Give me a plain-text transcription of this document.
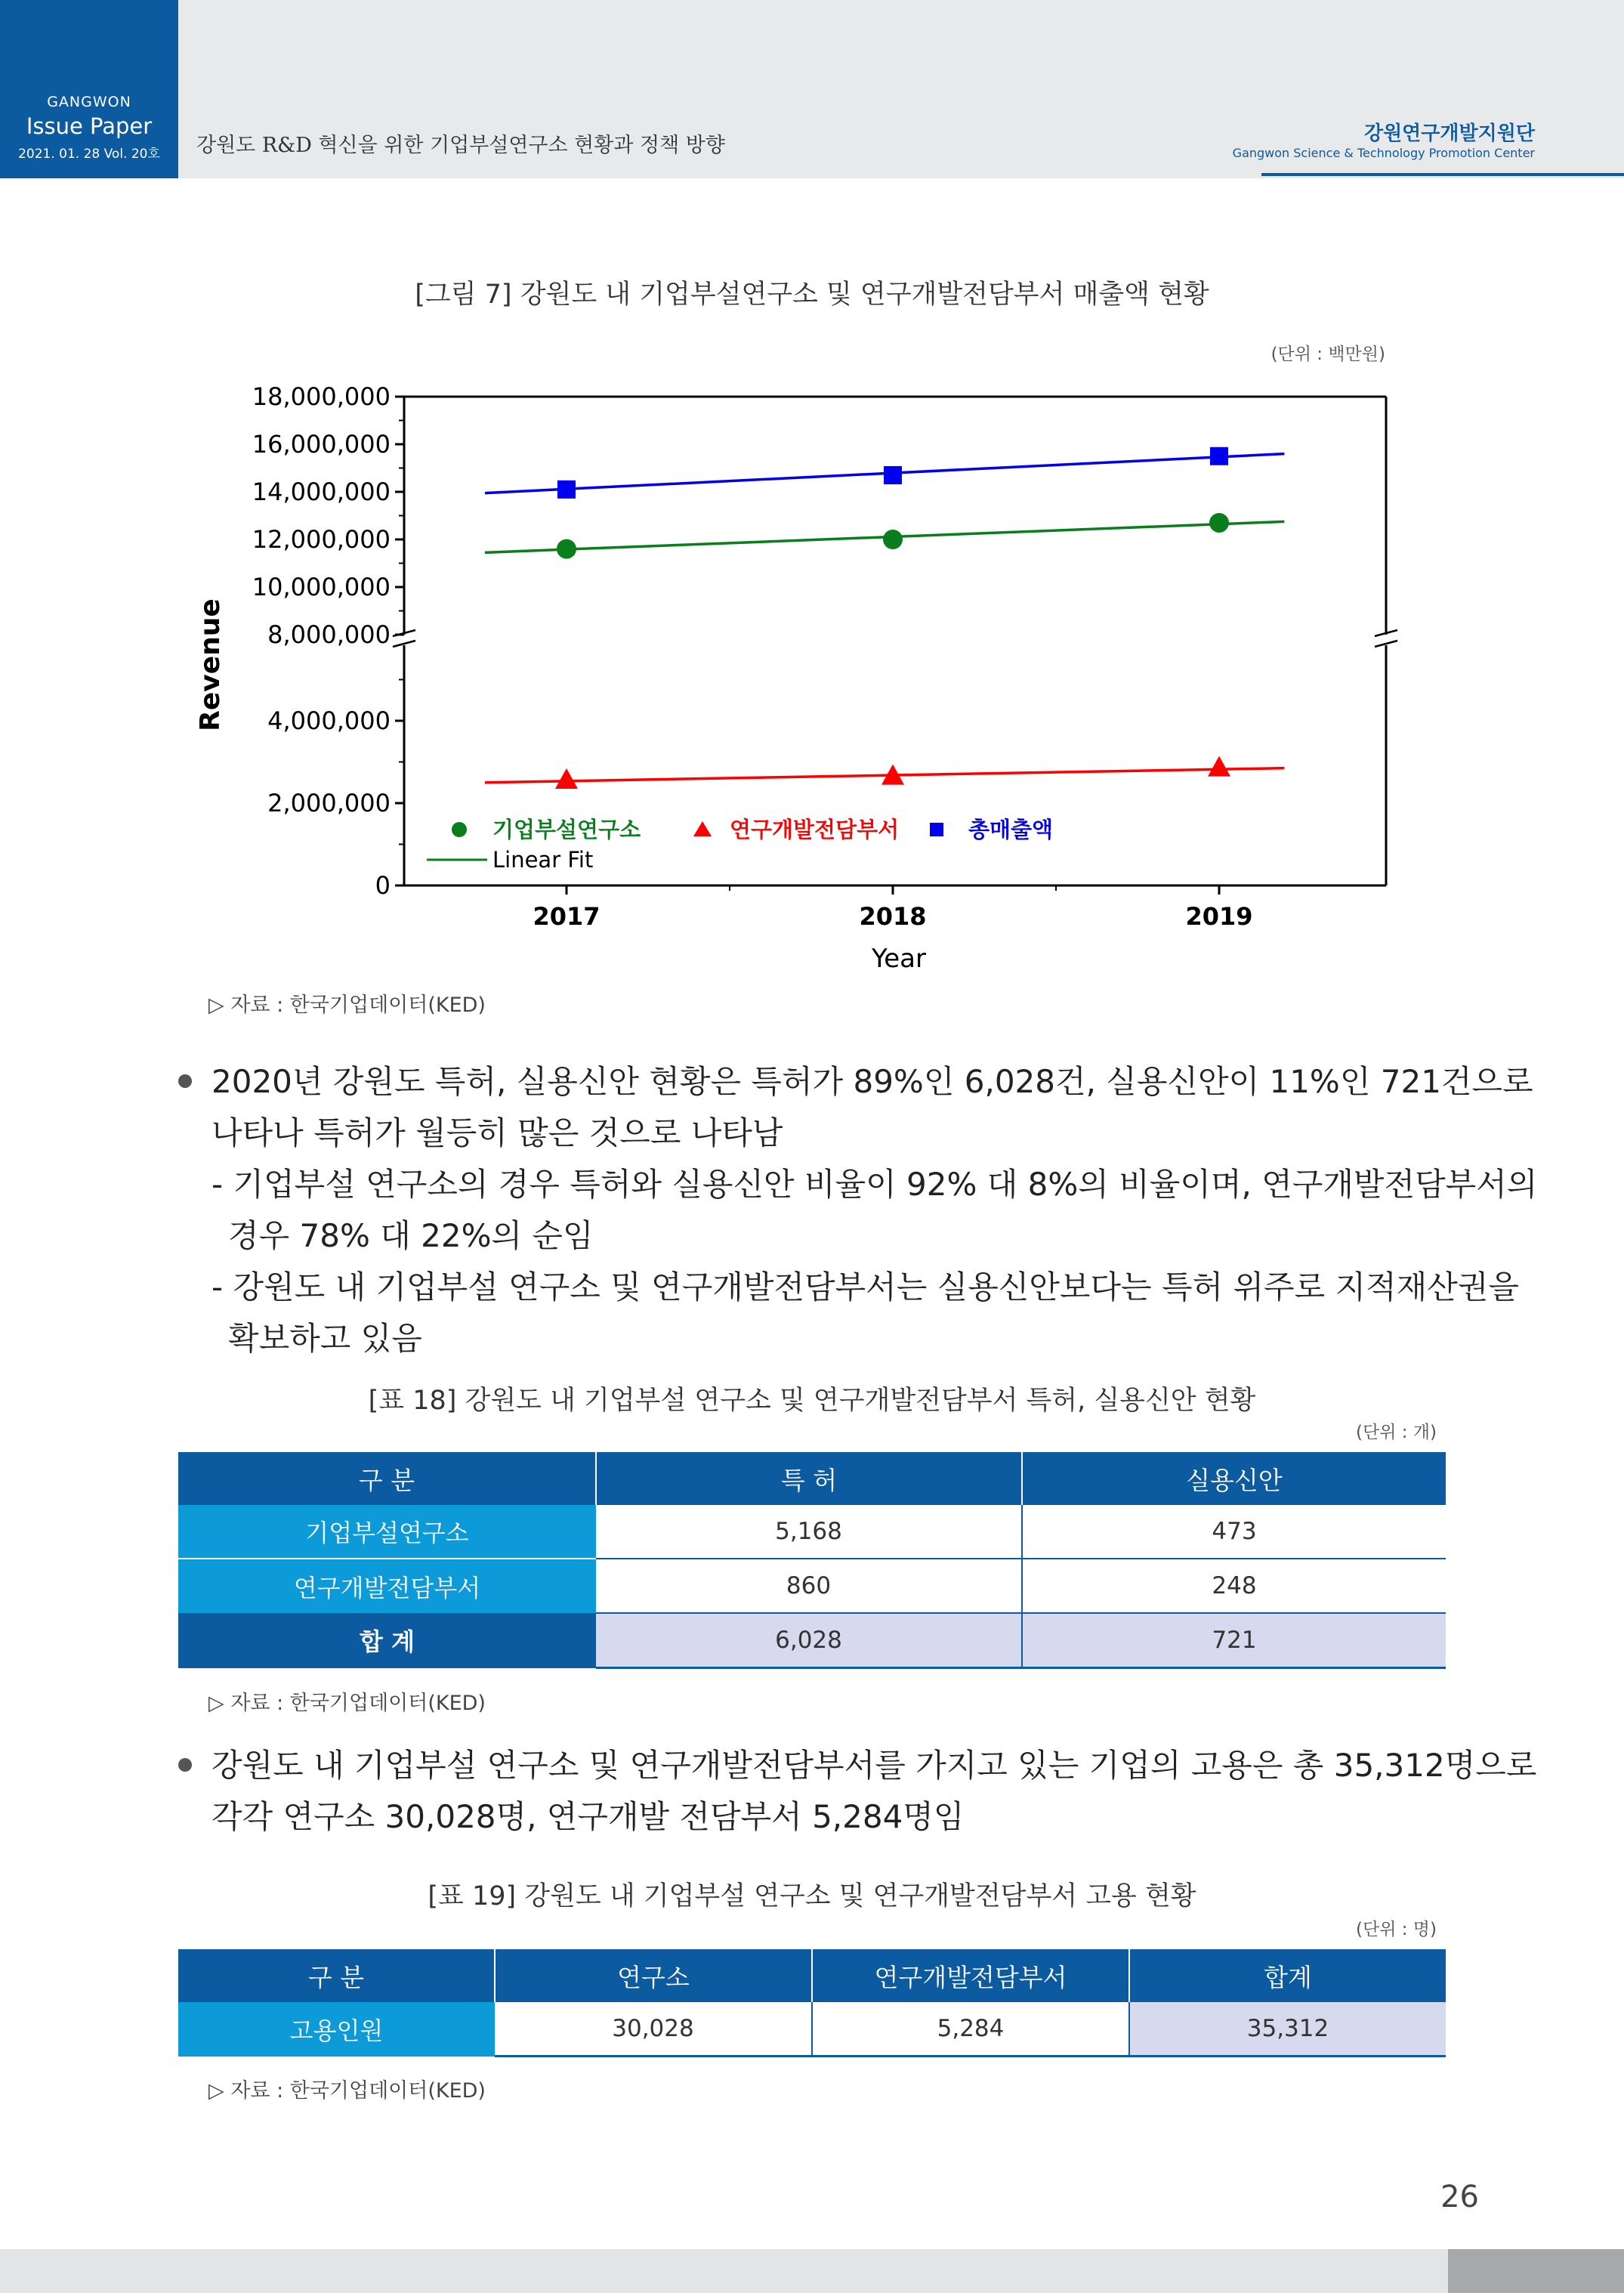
GANGWON
Issue Paper
2021. 01. 28 Vol. 20호	강원도 R&D 혁신을 위한 기업부설연구소 현황과 정책 방향	강원연구개발지원단
Gangwon Science & Technology Promotion Center
[그림 7] 강원도 내 기업부설연구소 및 연구개발전담부서 매출액 현황
(단위 : 백만원)
0
2,000,000
4,000,000
8,000,000
10,000,000
12,000,000
14,000,000
16,000,000
18,000,000
2017	2018	2019
Year
Revenue
기업부설연구소	연구개발전담부서	총매출액
Linear Fit
▷ 자료 : 한국기업데이터(KED)
2020년 강원도 특허, 실용신안 현황은 특허가 89%인 6,028건, 실용신안이 11%인 721건으로
나타나 특허가 월등히 많은 것으로 나타남
- 기업부설 연구소의 경우 특허와 실용신안 비율이 92% 대 8%의 비율이며, 연구개발전담부서의
경우 78% 대 22%의 순임
- 강원도 내 기업부설 연구소 및 연구개발전담부서는 실용신안보다는 특허 위주로 지적재산권을
확보하고 있음
[표 18] 강원도 내 기업부설 연구소 및 연구개발전담부서 특허, 실용신안 현황
(단위 : 개)
구 분	특 허	실용신안
기업부설연구소	5,168	473
연구개발전담부서	860	248
합 계	6,028	721
▷ 자료 : 한국기업데이터(KED)
강원도 내 기업부설 연구소 및 연구개발전담부서를 가지고 있는 기업의 고용은 총 35,312명으로
각각 연구소 30,028명, 연구개발 전담부서 5,284명임
[표 19] 강원도 내 기업부설 연구소 및 연구개발전담부서 고용 현황
(단위 : 명)
구 분	연구소	연구개발전담부서	합계
고용인원	30,028	5,284	35,312
▷ 자료 : 한국기업데이터(KED)
26
